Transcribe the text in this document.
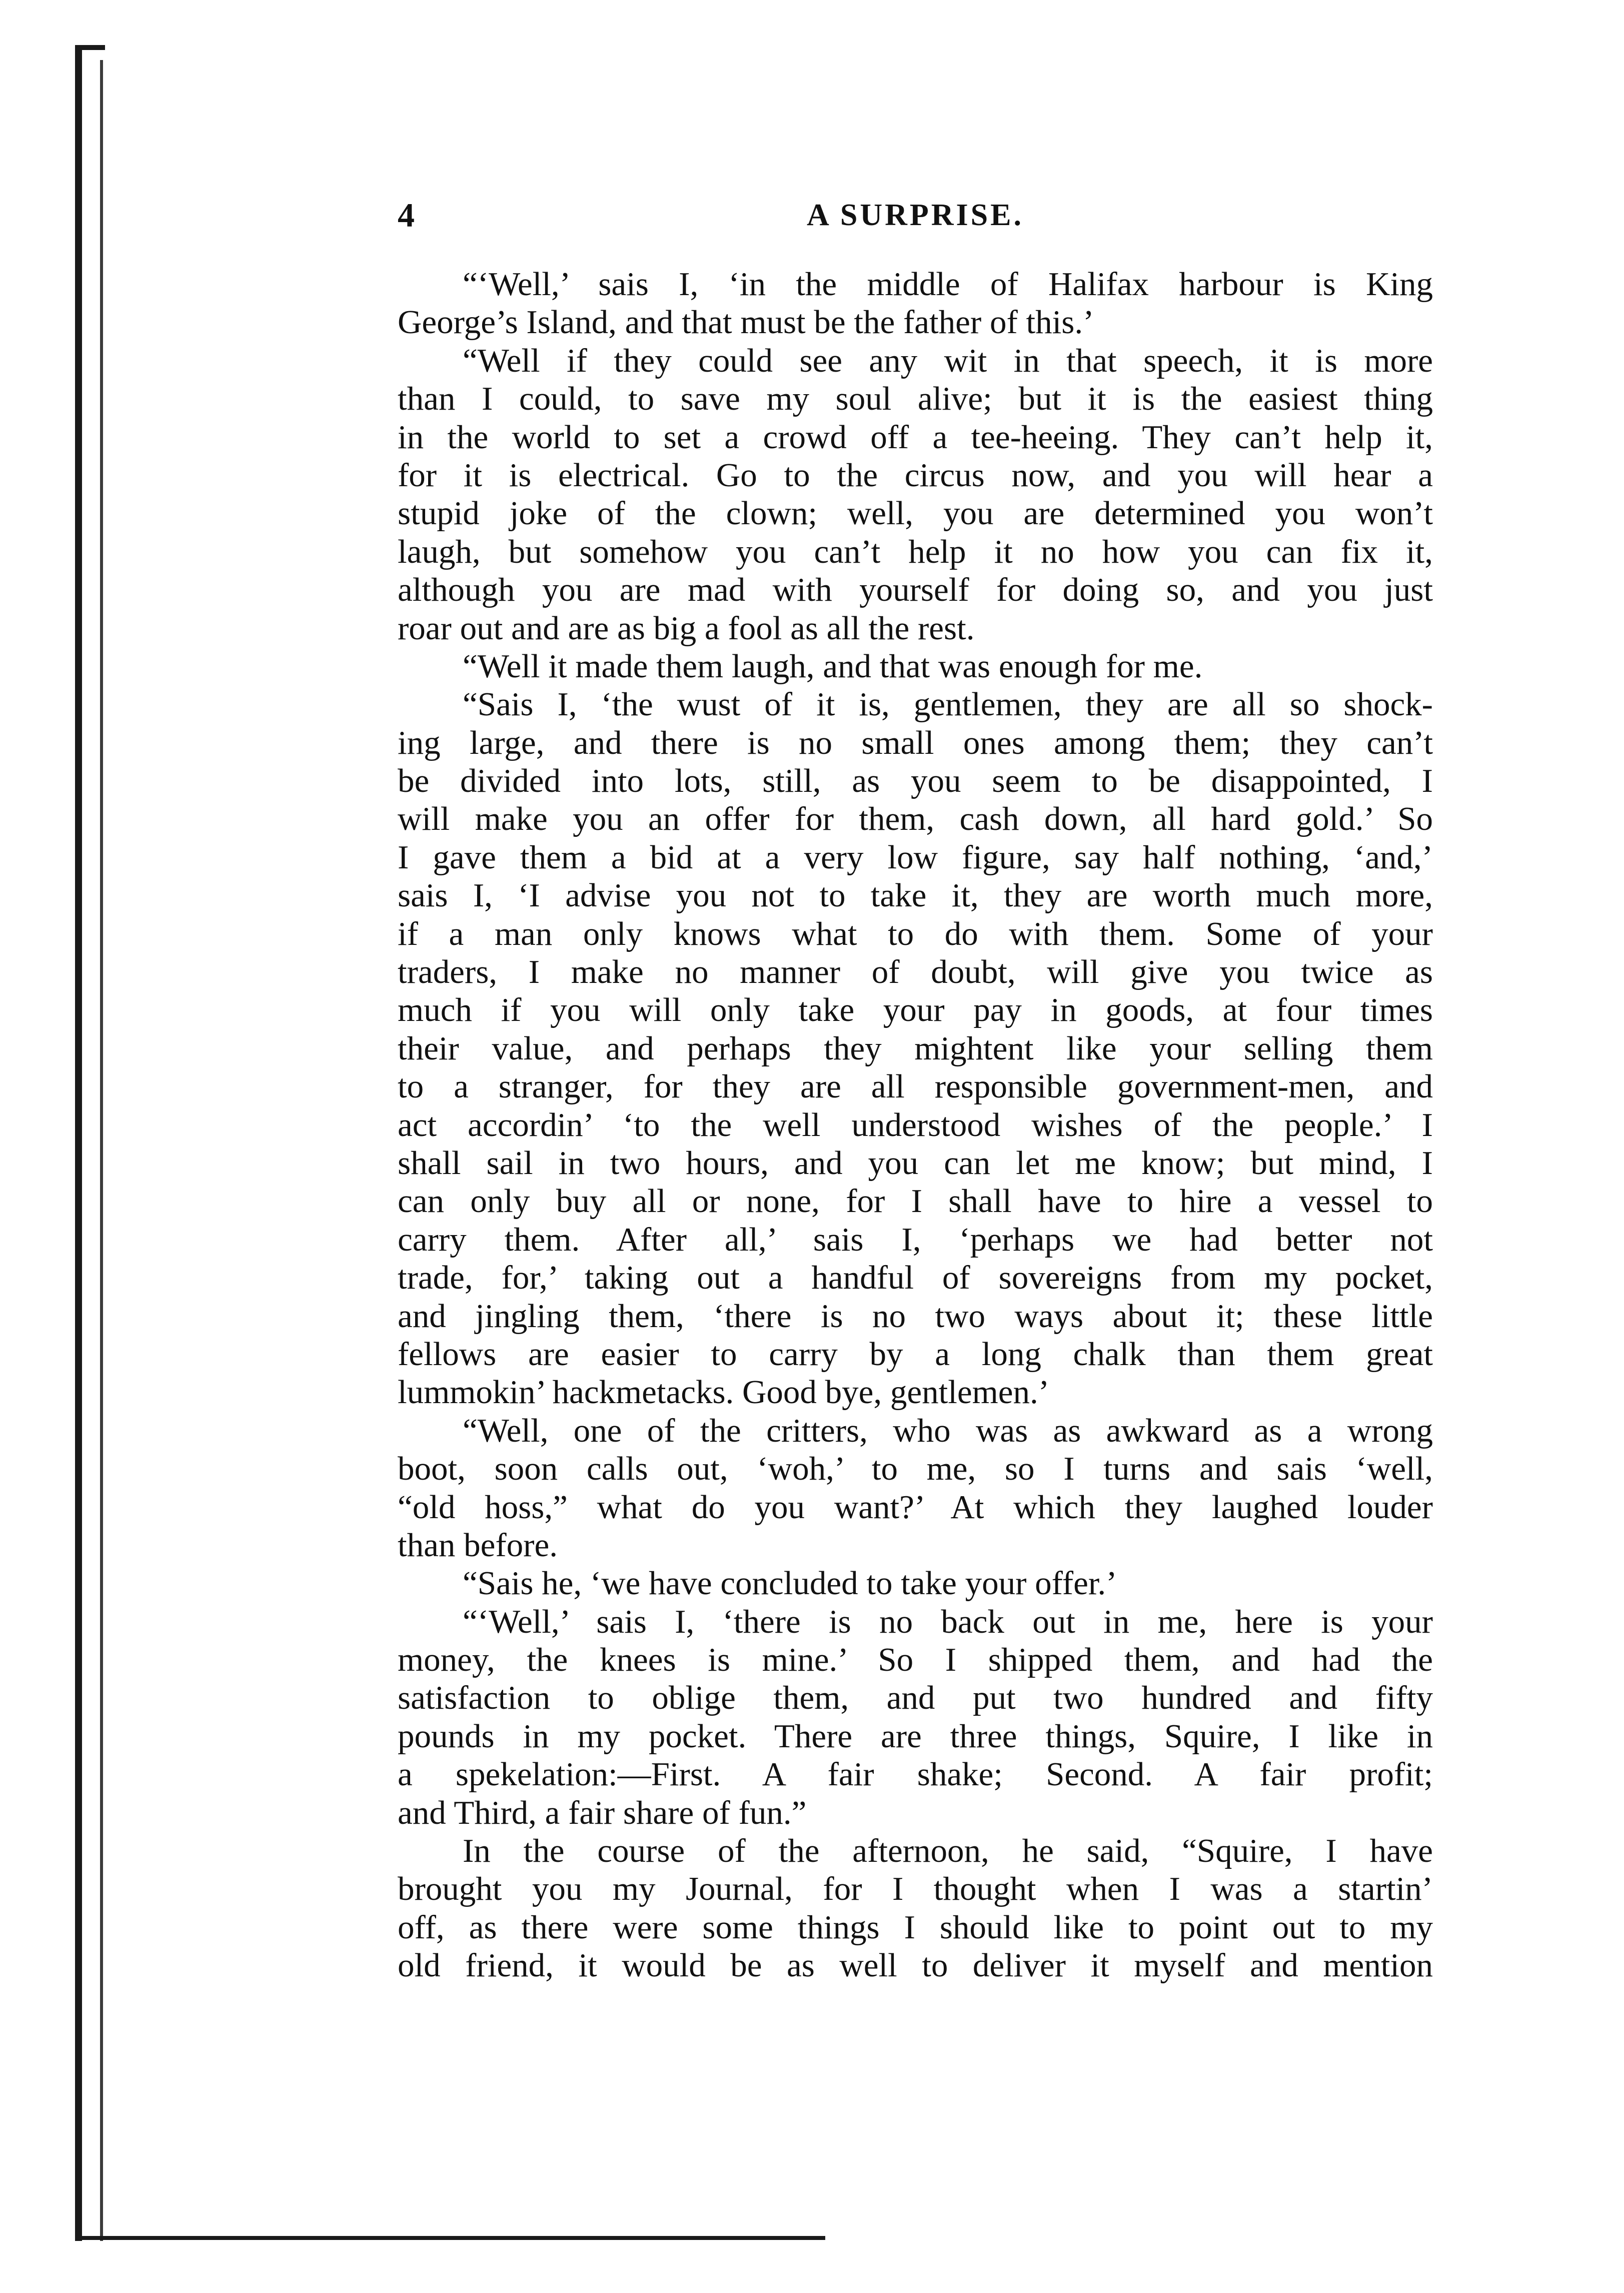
4	A SURPRISE.
“‘Well,’ sais I, ‘in the middle of Halifax harbour is King
George’s Island, and that must be the father of this.’
“Well if they could see any wit in that speech, it is more
than I could, to save my soul alive; but it is the easiest thing
in the world to set a crowd off a tee-heeing. They can’t help it,
for it is electrical. Go to the circus now, and you will hear a
stupid joke of the clown; well, you are determined you won’t
laugh, but somehow you can’t help it no how you can fix it,
although you are mad with yourself for doing so, and you just
roar out and are as big a fool as all the rest.
“Well it made them laugh, and that was enough for me.
“Sais I, ‘the wust of it is, gentlemen, they are all so shock-
ing large, and there is no small ones among them; they can’t
be divided into lots, still, as you seem to be disappointed, I
will make you an offer for them, cash down, all hard gold.’ So
I gave them a bid at a very low figure, say half nothing, ‘and,’
sais I, ‘I advise you not to take it, they are worth much more,
if a man only knows what to do with them. Some of your
traders, I make no manner of doubt, will give you twice as
much if you will only take your pay in goods, at four times
their value, and perhaps they mightent like your selling them
to a stranger, for they are all responsible government-men, and
act accordin’ ‘to the well understood wishes of the people.’ I
shall sail in two hours, and you can let me know; but mind, I
can only buy all or none, for I shall have to hire a vessel to
carry them. After all,’ sais I, ‘perhaps we had better not
trade, for,’ taking out a handful of sovereigns from my pocket,
and jingling them, ‘there is no two ways about it; these little
fellows are easier to carry by a long chalk than them great
lummokin’ hackmetacks. Good bye, gentlemen.’
“Well, one of the critters, who was as awkward as a wrong
boot, soon calls out, ‘woh,’ to me, so I turns and sais ‘well,
“old hoss,” what do you want?’ At which they laughed louder
than before.
“Sais he, ‘we have concluded to take your offer.’
“‘Well,’ sais I, ‘there is no back out in me, here is your
money, the knees is mine.’ So I shipped them, and had the
satisfaction to oblige them, and put two hundred and fifty
pounds in my pocket. There are three things, Squire, I like in
a spekelation:—First. A fair shake; Second. A fair profit;
and Third, a fair share of fun.”
In the course of the afternoon, he said, “Squire, I have
brought you my Journal, for I thought when I was a startin’
off, as there were some things I should like to point out to my
old friend, it would be as well to deliver it myself and mention
